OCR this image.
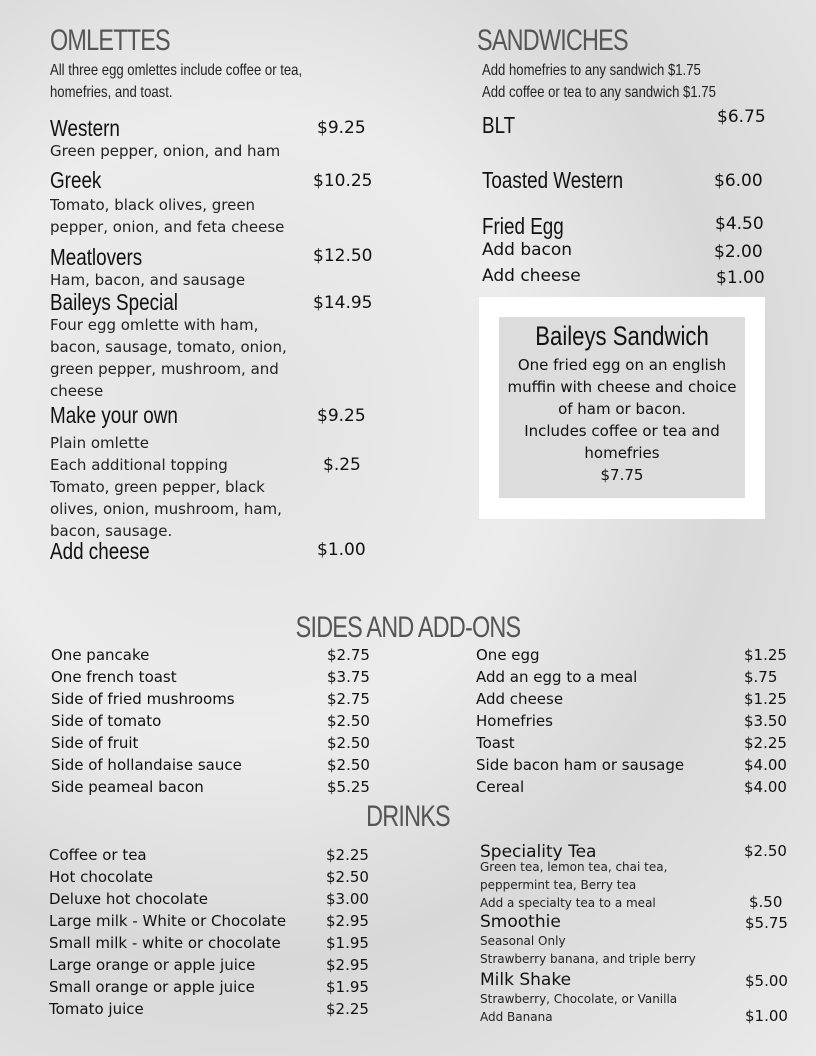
OMLETTES
All three egg omlettes include coffee or tea,
homefries, and toast.
Western	$9.25
Green pepper, onion, and ham
Greek	$10.25
Tomato, black olives, green pepper, onion, and feta cheese
Meatlovers	$12.50
Ham, bacon, and sausage
Baileys Special	$14.95
Four egg omlette with ham, bacon, sausage, tomato, onion, green pepper, mushroom, and cheese
Make your own	$9.25
Plain omlette
Each additional topping	$.25
Tomato, green pepper, black olives, onion, mushroom, ham, bacon, sausage.
Add cheese	$1.00
SANDWICHES
Add homefries to any sandwich $1.75
Add coffee or tea to any sandwich $1.75
BLT	$6.75
Toasted Western	$6.00
Fried Egg	$4.50
Add bacon	$2.00
Add cheese	$1.00
Baileys Sandwich
One fried egg on an english muffin with cheese and choice of ham or bacon.
Includes coffee or tea and homefries
$7.75
SIDES AND ADD-ONS
One pancake	$2.75
One french toast	$3.75
Side of fried mushrooms	$2.75
Side of tomato	$2.50
Side of fruit	$2.50
Side of hollandaise sauce	$2.50
Side peameal bacon	$5.25
One egg	$1.25
Add an egg to a meal	$.75
Add cheese	$1.25
Homefries	$3.50
Toast	$2.25
Side bacon ham or sausage	$4.00
Cereal	$4.00
DRINKS
Coffee or tea	$2.25
Hot chocolate	$2.50
Deluxe hot chocolate	$3.00
Large milk - White or Chocolate	$2.95
Small milk - white or chocolate	$1.95
Large orange or apple juice	$2.95
Small orange or apple juice	$1.95
Tomato juice	$2.25
Speciality Tea	$2.50
Green tea, lemon tea, chai tea,
peppermint tea, Berry tea
Add a specialty tea to a meal	$.50
Smoothie	$5.75
Seasonal Only
Strawberry banana, and triple berry
Milk Shake	$5.00
Strawberry, Chocolate, or Vanilla
Add Banana	$1.00
